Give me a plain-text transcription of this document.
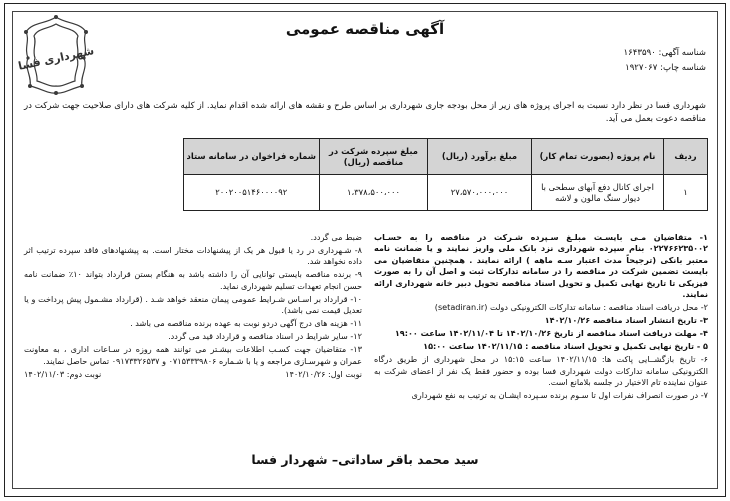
شهرداری فسا
آگهی مناقصه عمومی
شناسه آگهی: ۱۶۴۳۵۹۰
شناسه چاپ: ۱۹۲۷۰۶۷

شهرداری فسا در نظر دارد نسبت به اجرای پروژه های زیر از محل بودجه جاری شهرداری بر اساس طرح و نقشه های ارائه شده اقدام نماید. از کلیه شرکت های دارای صلاحیت جهت شرکت در مناقصه دعوت بعمل می آید.

ردیف	نام پروژه (بصورت تمام کار)	مبلغ برآورد (ریال)	مبلغ سپرده شرکت در مناقصه (ریال)	شماره فراخوان در سامانه ستاد
۱	اجرای کانال دفع آبهای سطحی با دیوار سنگ مالون و لاشه	۲۷،۵۷۰،۰۰۰،۰۰۰	۱،۳۷۸،۵۰۰،۰۰۰	۲۰۰۲۰۰۵۱۴۶۰۰۰۰۹۲

۱- متقاضیان مـی بایسـت مبلـغ سـپرده شـرکت در مناقصه را به حسـاب ۰۲۲۷۶۶۲۳۵۰۰۲ بنام سپرده شهرداری نزد بانک ملی واریز نمایند و یا ضمانت نامه معتبر بانکی (ترجیحاً مدت اعتبار سـه ماهه ) ارائه نمایند . همچنین متقاضیان می بایست تضمین شرکت در مناقصه را در سامانه تدارکات ثبت و اصل آن را به صورت فیزیکی تا تاریخ نهایی تکمیل و تحویل اسناد مناقصه تحویل دبیر خانه شهرداری ارائه نمایند.

۲- محل دریافت اسناد مناقصه : سامانه تدارکات الکترونیکی دولت (setadiran.ir)

۳- تاریخ انتشار اسناد مناقصه ۱۴۰۲/۱۰/۲۶

۴- مهلت دریافت اسناد مناقصه از تاریخ ۱۴۰۲/۱۰/۲۶ تا ۱۴۰۲/۱۱/۰۴ ساعت ۱۹:۰۰

۵ - تاریخ نهایی تکمیل و تحویل اسناد مناقصه : ۱۴۰۲/۱۱/۱۵ ساعت ۱۵:۰۰

۶- تاریخ بازگشــایی پاکت ها: ۱۴۰۲/۱۱/۱۵ ساعت ۱۵:۱۵ در محل شهرداری از طریق درگاه الکترونیکی سامانه تدارکات دولت شهرداری فسا بوده و حضور فقط یک نفر از اعضای شرکت به عنوان نماینده تام الاختیار در جلسه بلامانع است.

۷- در صورت انصراف نفرات اول تا سـوم برنده سـپرده ایشـان به ترتیب به نفع شهرداری

ضبط می گردد.

۸- شـهرداری در رد یا قبول هر یک از پیشنهادات مختار است. به پیشنهادهای فاقد سپرده ترتیب اثر داده نخواهد شد.

۹- برنده مناقصه بایستی توانایی آن را داشته باشد به هنگام بستن قرارداد بتواند ۱۰٪ ضمانت نامه حسن انجام تعهدات تسلیم شهرداری نماید.

۱۰- قرارداد بر اسـاس شـرایط عمومی پیمان منعقد خواهد شـد . (قرارداد مشـمول پیش پرداخت و یا تعدیل قیمت نمی باشد).

۱۱- هزینه های درج آگهی دردو نوبت به عهده برنده مناقصه می باشد .

۱۲- سایر شرایط در اسناد مناقصه و قرارداد قید می گردد.

۱۳- متقاضیان جهت کسـب اطلاعات بیشـتر می توانند همه روزه در سـاعات اداری ، به معاونت عمران و شهرسـازی مراجعه و یا با شـماره ۰۷۱۵۳۳۳۹۸۰۶ و ۰۹۱۷۳۳۲۶۵۳۷ تماس حاصل نمایند.

نوبت اول: ۱۴۰۲/۱۰/۲۶
نوبت دوم: ۱۴۰۲/۱۱/۰۳
سید محمد باقر ساداتی– شهردار فسا
